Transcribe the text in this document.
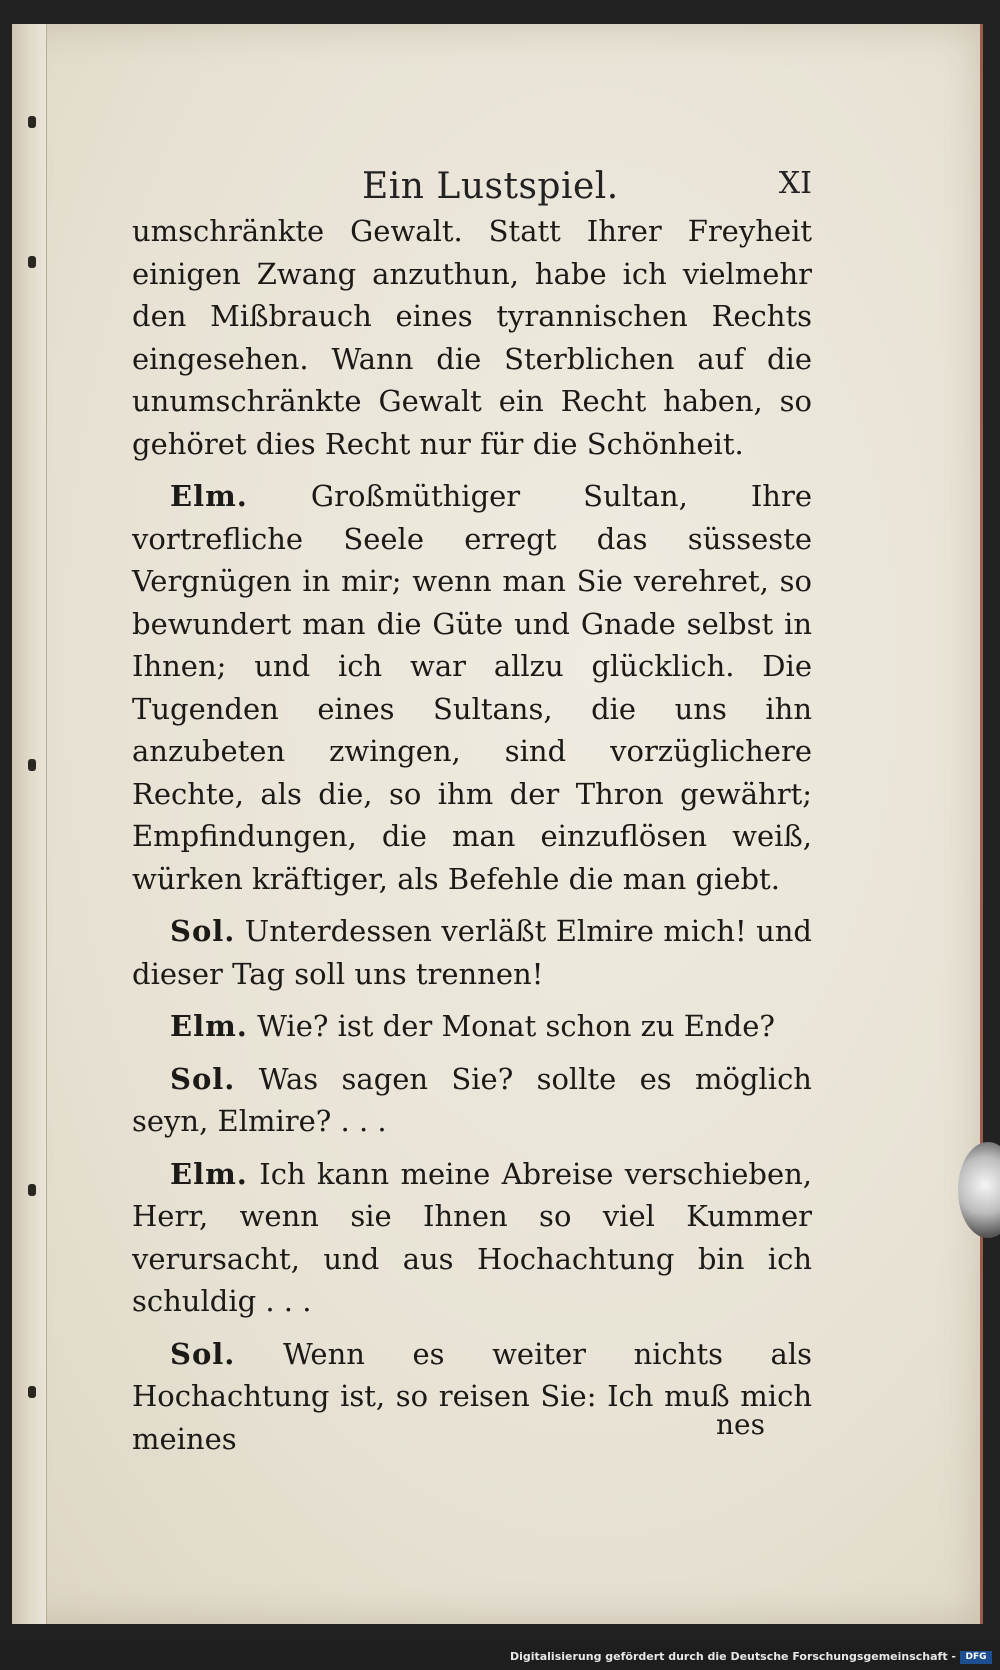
Ein Lustspiel.	XI

umschränkte Gewalt. Statt Ihrer Freyheit einigen Zwang anzuthun, habe ich vielmehr den Mißbrauch eines tyrannischen Rechts eingesehen. Wann die Sterblichen auf die unumschränkte Gewalt ein Recht haben, so gehöret dies Recht nur für die Schönheit.

Elm. Großmüthiger Sultan, Ihre vortrefliche Seele erregt das süsseste Vergnügen in mir; wenn man Sie verehret, so bewundert man die Güte und Gnade selbst in Ihnen; und ich war allzu glücklich. Die Tugenden eines Sultans, die uns ihn anzubeten zwingen, sind vorzüglichere Rechte, als die, so ihm der Thron gewährt; Empfindungen, die man einzuflösen weiß, würken kräftiger, als Befehle die man giebt.

Sol. Unterdessen verläßt Elmire mich! und dieser Tag soll uns trennen!

Elm. Wie? ist der Monat schon zu Ende?

Sol. Was sagen Sie? sollte es möglich seyn, Elmire? . . .

Elm. Ich kann meine Abreise verschieben, Herr, wenn sie Ihnen so viel Kummer verursacht, und aus Hochachtung bin ich schuldig . . .

Sol. Wenn es weiter nichts als Hochachtung ist, so reisen Sie: Ich muß mich meines	nes
Digitalisierung gefördert durch die Deutsche Forschungsgemeinschaft -	DFG
